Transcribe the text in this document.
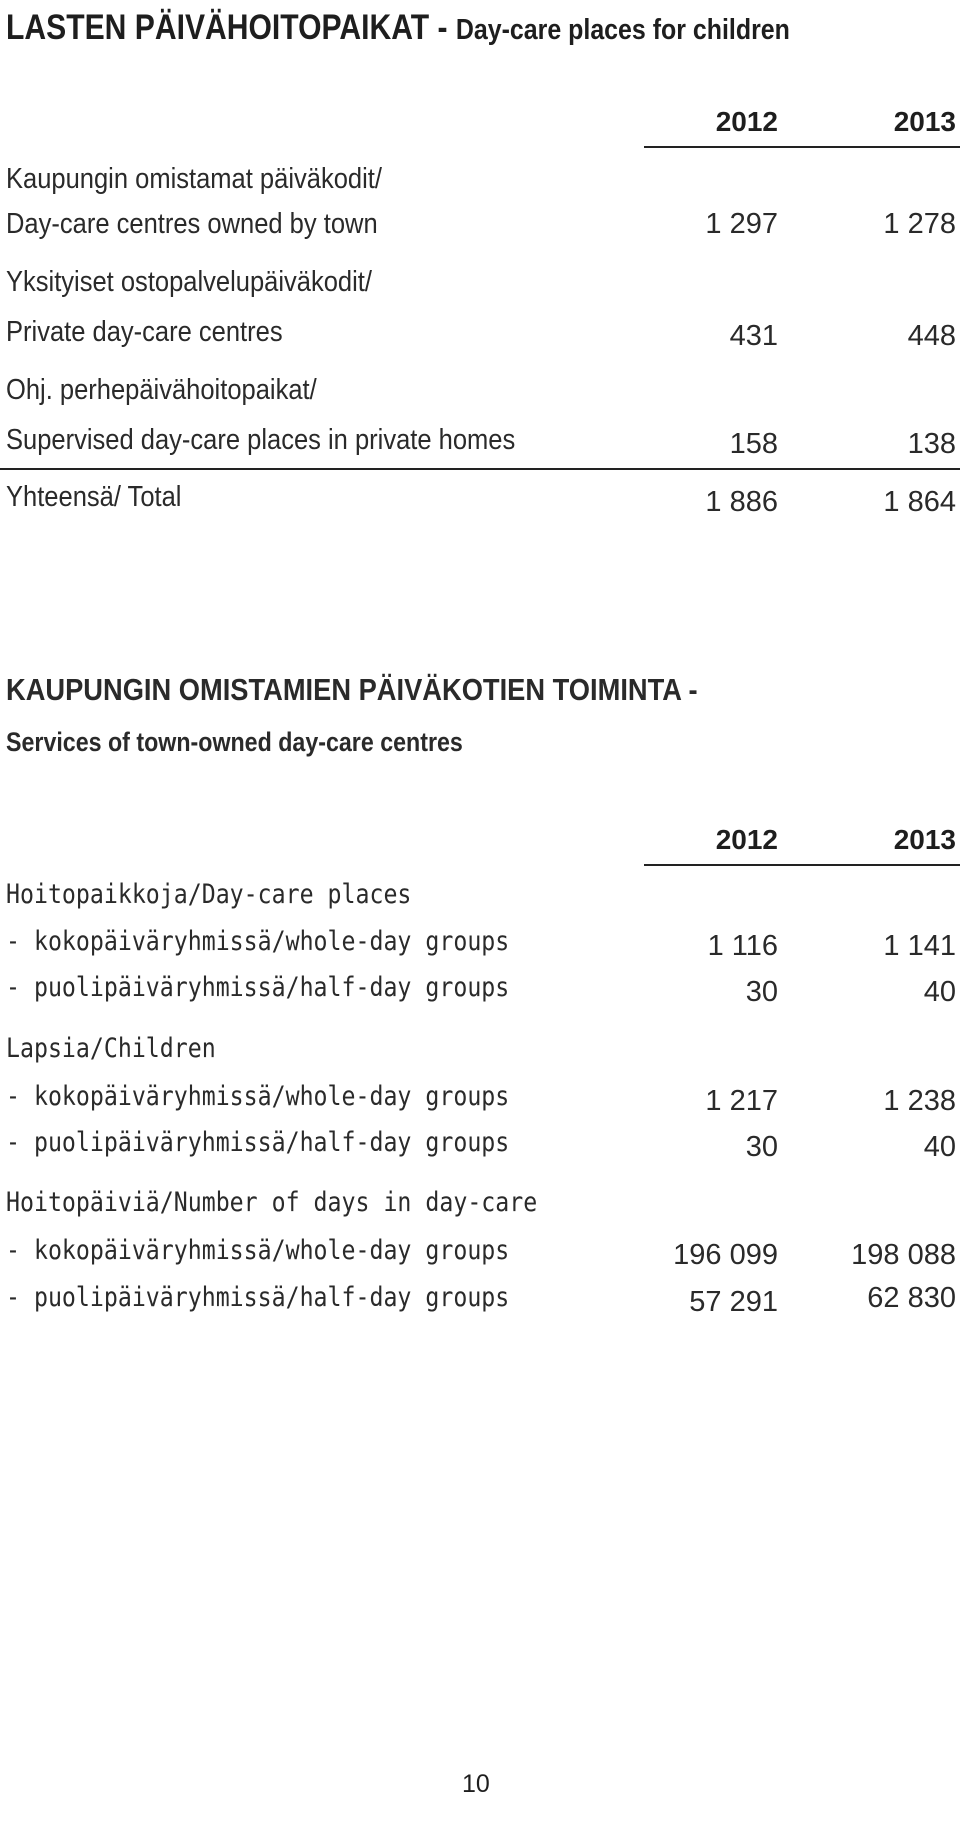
LASTEN PÄIVÄHOITOPAIKAT - Day-care places for children
2012	2013
Kaupungin omistamat päiväkodit/
Day-care centres owned by town	1 297	1 278
Yksityiset ostopalvelupäiväkodit/
Private day-care centres	431	448
Ohj. perhepäivähoitopaikat/
Supervised day-care places in private homes	158	138
Yhteensä/ Total	1 886	1 864
KAUPUNGIN OMISTAMIEN PÄIVÄKOTIEN TOIMINTA -
Services of town-owned day-care centres
2012	2013
Hoitopaikkoja/Day-care places
- kokopäiväryhmissä/whole-day groups	1 116	1 141
- puolipäiväryhmissä/half-day groups	30	40
Lapsia/Children
- kokopäiväryhmissä/whole-day groups	1 217	1 238
- puolipäiväryhmissä/half-day groups	30	40
Hoitopäiviä/Number of days in day-care
- kokopäiväryhmissä/whole-day groups	196 099	198 088
- puolipäiväryhmissä/half-day groups	57 291	62 830
10
